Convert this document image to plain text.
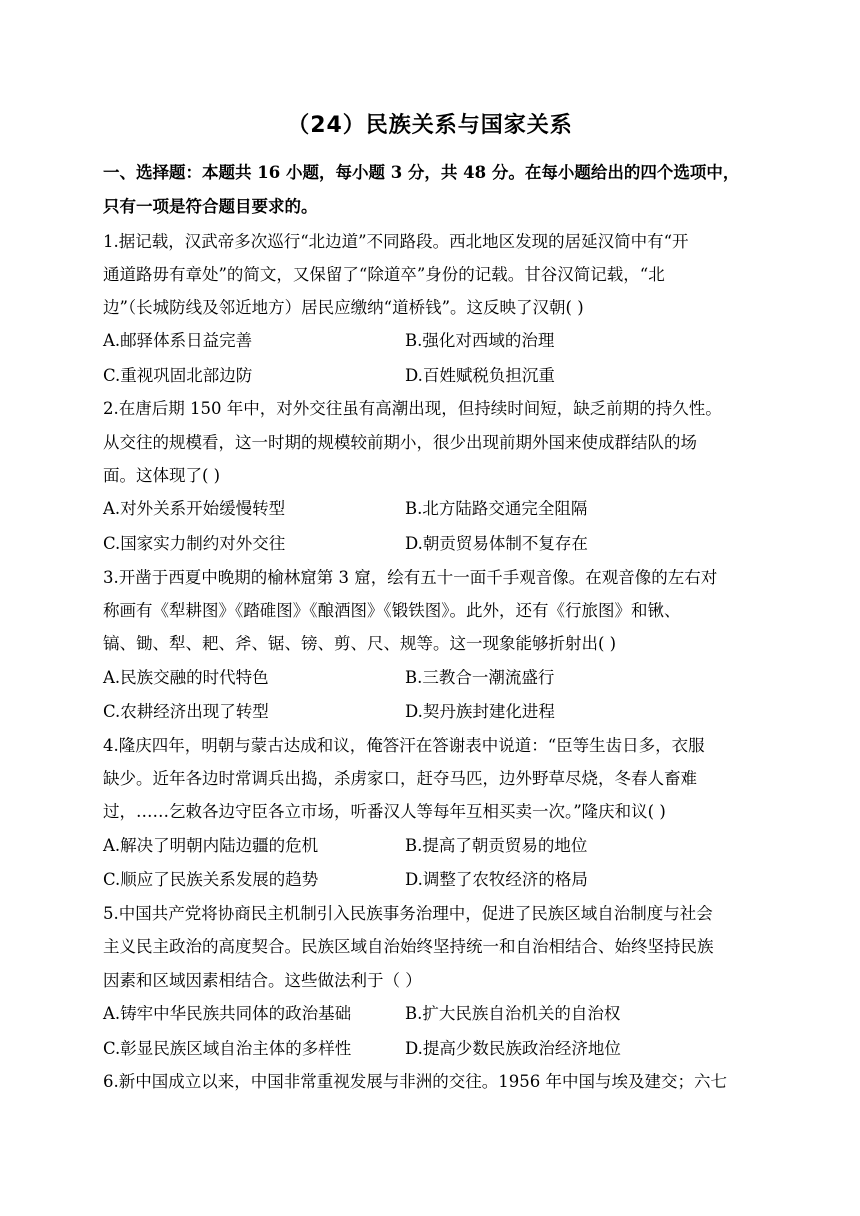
（24）民族关系与国家关系
一、选择题：本题共 16 小题，每小题 3 分，共 48 分。在每小题给出的四个选项中，
只有一项是符合题目要求的。
1.据记载，汉武帝多次巡行“北边道”不同路段。西北地区发现的居延汉简中有“开
通道路毋有章处”的简文，又保留了“除道卒”身份的记载。甘谷汉简记载，“北
边”（长城防线及邻近地方）居民应缴纳“道桥钱”。这反映了汉朝( )
A.邮驿体系日益完善	B.强化对西域的治理
C.重视巩固北部边防	D.百姓赋税负担沉重
2.在唐后期 150 年中，对外交往虽有高潮出现，但持续时间短，缺乏前期的持久性。
从交往的规模看，这一时期的规模较前期小，很少出现前期外国来使成群结队的场
面。这体现了( )
A.对外关系开始缓慢转型	B.北方陆路交通完全阻隔
C.国家实力制约对外交往	D.朝贡贸易体制不复存在
3.开凿于西夏中晚期的榆林窟第 3 窟，绘有五十一面千手观音像。在观音像的左右对
称画有《犁耕图》《踏碓图》《酿酒图》《锻铁图》。此外，还有《行旅图》和锹、
镐、锄、犁、耙、斧、锯、镑、剪、尺、规等。这一现象能够折射出( )
A.民族交融的时代特色	B.三教合一潮流盛行
C.农耕经济出现了转型	D.契丹族封建化进程
4.隆庆四年，明朝与蒙古达成和议，俺答汗在答谢表中说道：“臣等生齿日多，衣服
缺少。近年各边时常调兵出捣，杀虏家口，赶夺马匹，边外野草尽烧，冬春人畜难
过，……乞敕各边守臣各立市场，听番汉人等每年互相买卖一次。”隆庆和议( )
A.解决了明朝内陆边疆的危机	B.提高了朝贡贸易的地位
C.顺应了民族关系发展的趋势	D.调整了农牧经济的格局
5.中国共产党将协商民主机制引入民族事务治理中，促进了民族区域自治制度与社会
主义民主政治的高度契合。民族区域自治始终坚持统一和自治相结合、始终坚持民族
因素和区域因素相结合。这些做法利于（ ）
A.铸牢中华民族共同体的政治基础	B.扩大民族自治机关的自治权
C.彰显民族区域自治主体的多样性	D.提高少数民族政治经济地位
6.新中国成立以来，中国非常重视发展与非洲的交往。1956 年中国与埃及建交；六七
